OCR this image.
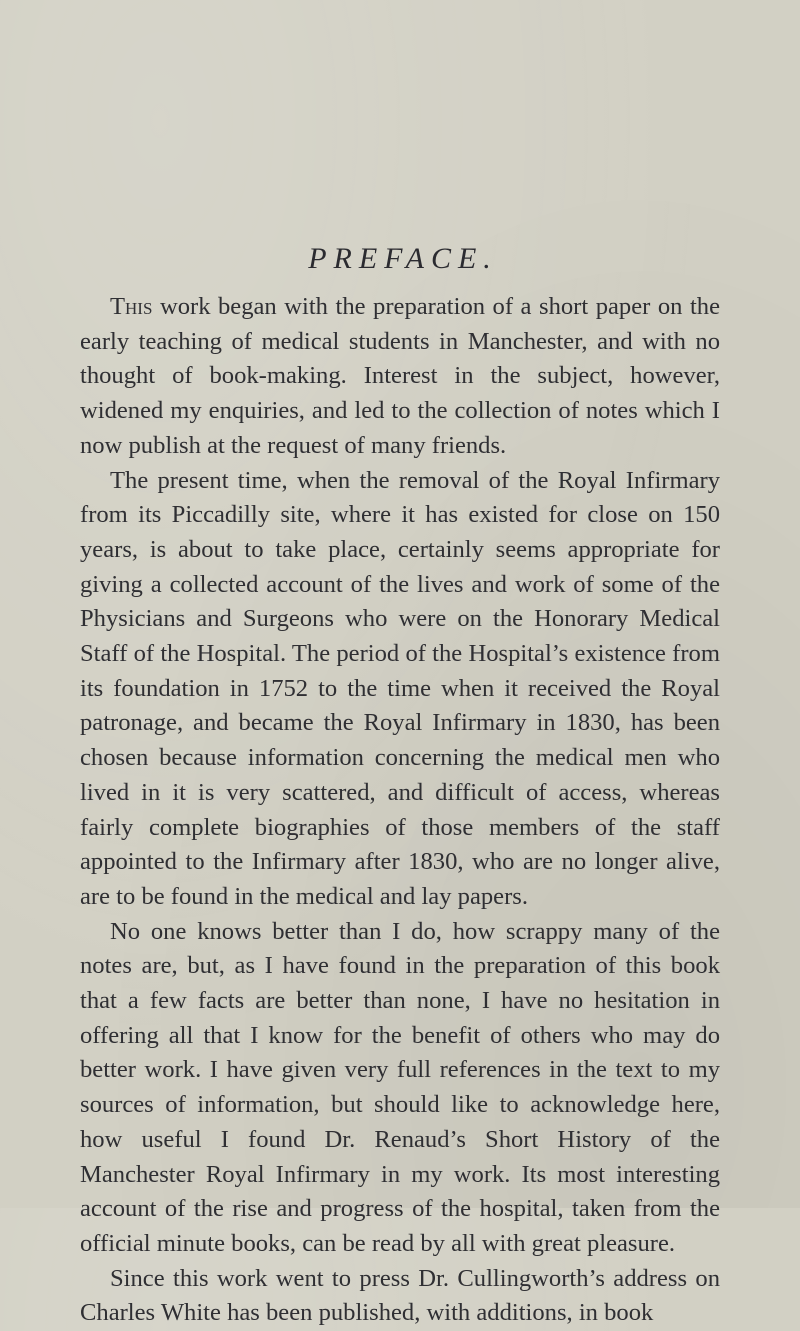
PREFACE.

This work began with the preparation of a short paper on the early teaching of medical students in Manchester, and with no thought of book-making. Interest in the subject, however, widened my enquiries, and led to the collection of notes which I now publish at the request of many friends.

The present time, when the removal of the Royal Infirmary from its Piccadilly site, where it has existed for close on 150 years, is about to take place, certainly seems appropriate for giving a collected account of the lives and work of some of the Physicians and Surgeons who were on the Honorary Medical Staff of the Hospital. The period of the Hospital’s existence from its foundation in 1752 to the time when it received the Royal patronage, and became the Royal Infirmary in 1830, has been chosen because information concerning the medical men who lived in it is very scattered, and difficult of access, whereas fairly complete biographies of those members of the staff appointed to the Infirmary after 1830, who are no longer alive, are to be found in the medical and lay papers.

No one knows better than I do, how scrappy many of the notes are, but, as I have found in the preparation of this book that a few facts are better than none, I have no hesitation in offering all that I know for the benefit of others who may do better work. I have given very full references in the text to my sources of information, but should like to acknowledge here, how useful I found Dr. Renaud’s Short History of the Manchester Royal Infirmary in my work. Its most interesting account of the rise and progress of the hospital, taken from the official minute books, can be read by all with great pleasure.

Since this work went to press Dr. Cullingworth’s address on Charles White has been published, with additions, in book
